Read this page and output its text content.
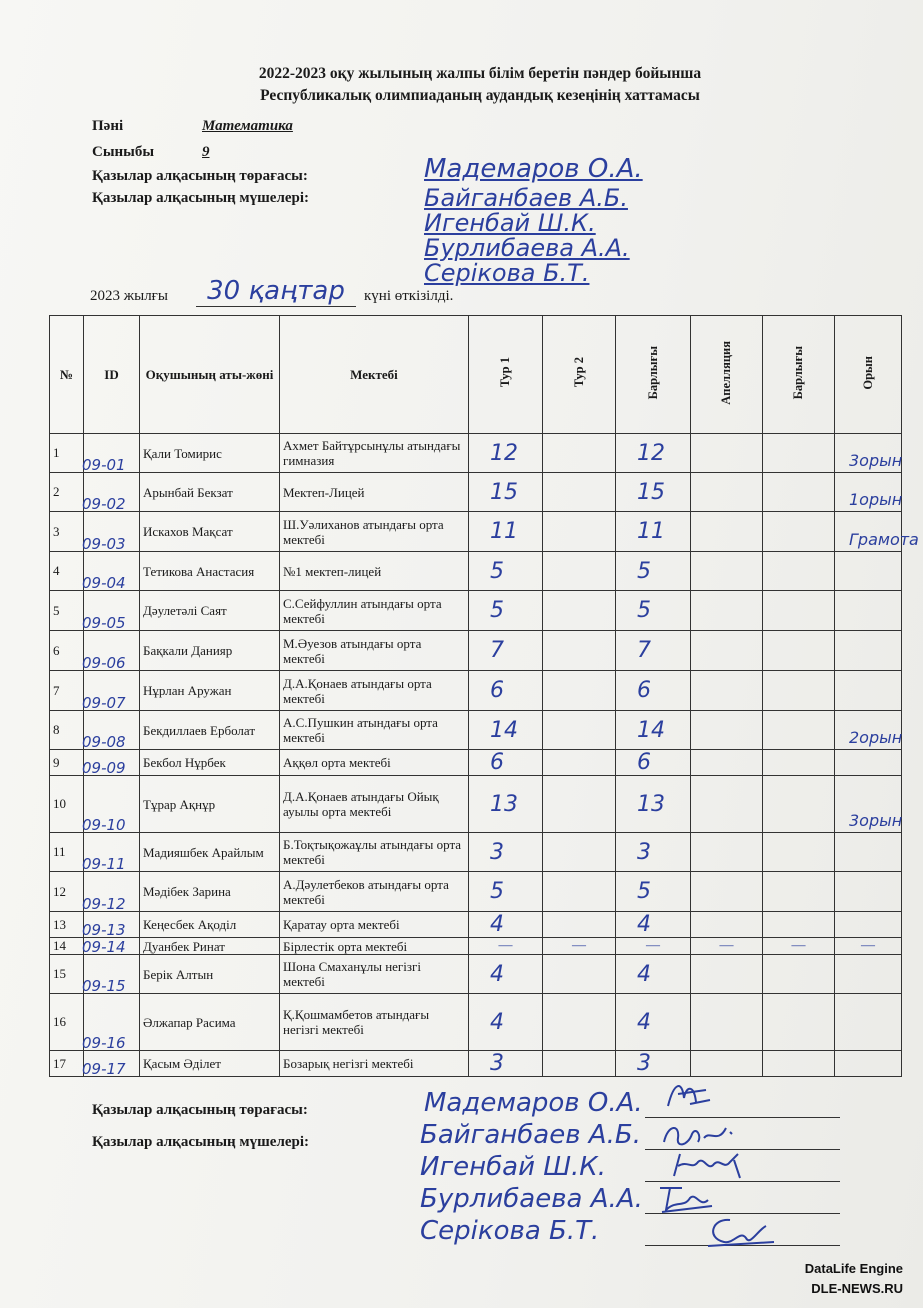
2022-2023 оқу жылының жалпы білім беретін пәндер бойынша
Республикалық олимпиаданың аудандық кезеңінің хаттамасы
Пәні	Математика
Сыныбы	9
Қазылар алқасының төрағасы:
Қазылар алқасының мүшелері:
Мадемаров О.А.
Байганбаев А.Б.
Игенбай Ш.К.
Бурлибаева А.А.
Серікова Б.Т.
2023 жылғы	30 қаңтар	күні өткізілді.
№	ID	Оқушының аты-жөні	Мектебі	Тур 1	Тур 2	Барлығы	Апелляция	Барлығы	Орын
1	09-01	Қали Томирис	Ахмет Байтұрсынұлы атындағы гимназия	12		12			3орын

2	09-02	Арынбай Бекзат	Мектеп-Лицей	15		15			1орын

3	09-03	Искахов Мақсат	Ш.Уәлиханов атындағы орта мектебі	11		11			Грамота

4	09-04	Тетикова Анастасия	№1 мектеп-лицей	5		5			

5	09-05	Дәулетәлі Саят	С.Сейфуллин атындағы орта мектебі	5		5			

6	09-06	Бақкали Данияр	М.Әуезов атындағы орта мектебі	7		7			

7	09-07	Нұрлан Аружан	Д.А.Қонаев атындағы орта мектебі	6		6			

8	09-08	Бекдиллаев Ерболат	А.С.Пушкин атындағы орта мектебі	14		14			2орын

9	09-09	Бекбол Нұрбек	Аққөл орта мектебі	6		6			

10	09-10	Тұрар Ақнұр	Д.А.Қонаев атындағы Ойық ауылы орта мектебі	13		13			3орын

11	09-11	Мадияшбек Арайлым	Б.Тоқтықожаұлы атындағы орта мектебі	3		3			

12	09-12	Мәдібек Зарина	А.Дәулетбеков атындағы орта мектебі	5		5			

13	09-13	Кеңесбек Ақоділ	Қаратау орта мектебі	4		4			

14	09-14	Дуанбек Ринат	Бірлестік орта мектебі	—	—	—	—	—	—

15	09-15	Берік Алтын	Шона Смаханұлы негізгі мектебі	4		4			

16	09-16	Әлжапар Расима	Қ.Қошмамбетов атындағы негізгі мектебі	4		4			

17	09-17	Қасым Әділет	Бозарық негізгі мектебі	3		3			
Қазылар алқасының төрағасы:
Қазылар алқасының мүшелері:
Мадемаров О.А.
Байганбаев А.Б.
Игенбай Ш.К.
Бурлибаева А.А.
Серікова Б.Т.
DataLife Engine
DLE-NEWS.RU
